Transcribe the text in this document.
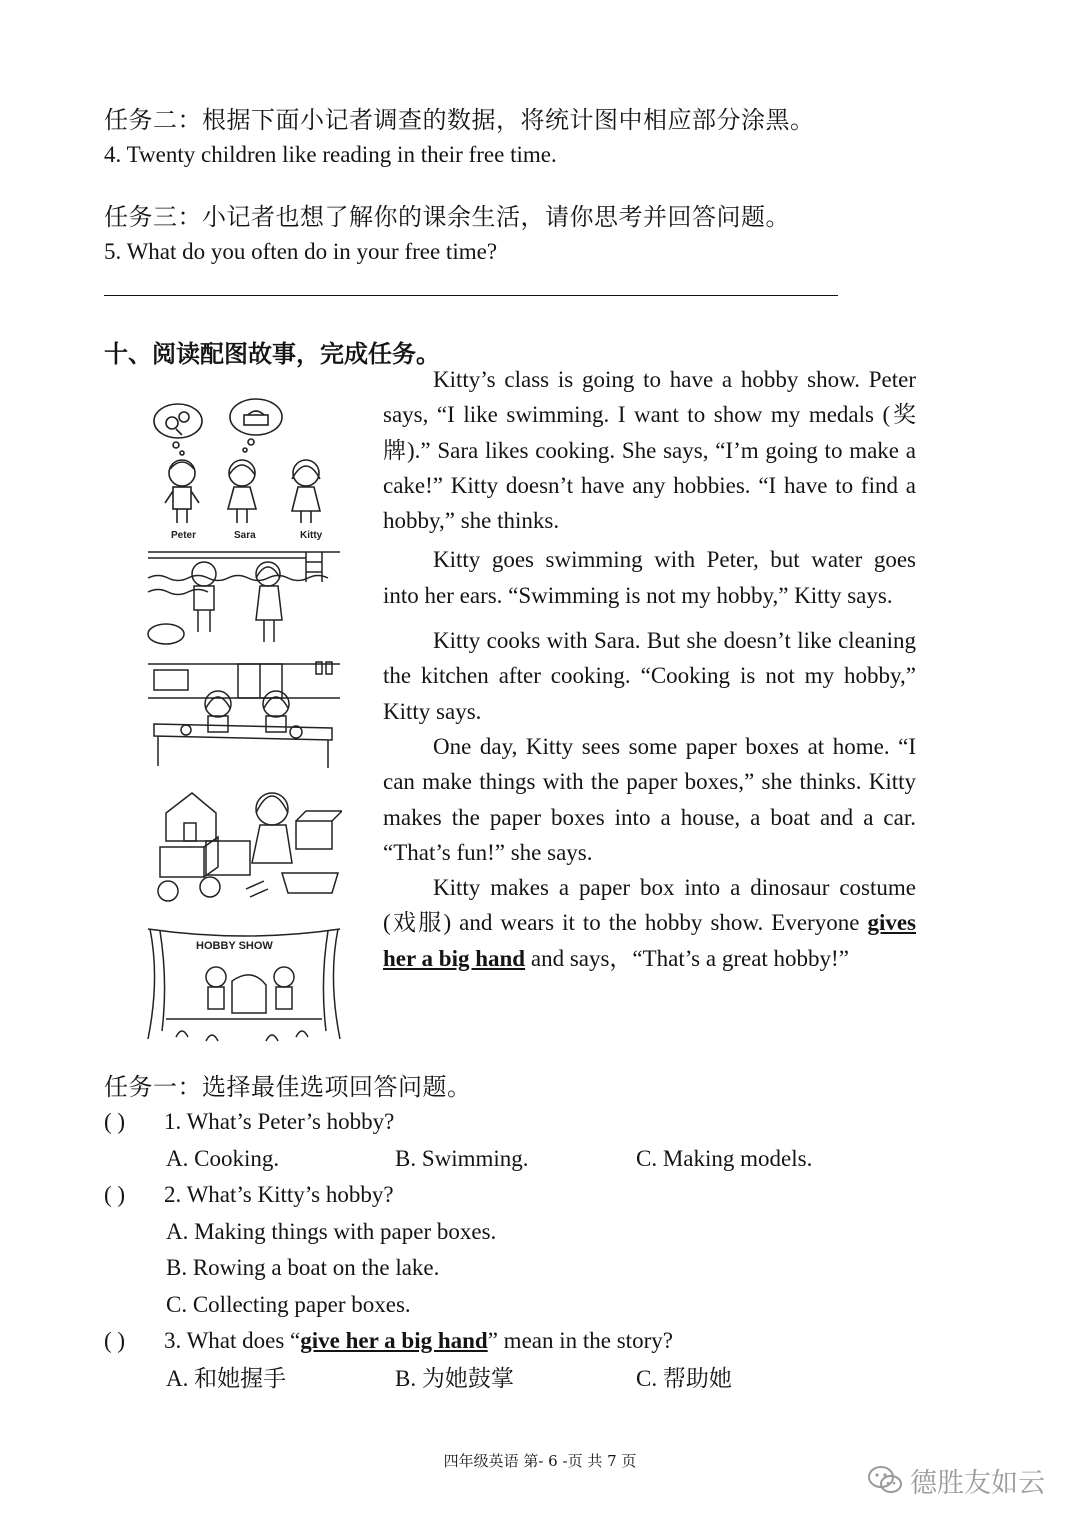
任务二：根据下面小记者调查的数据，将统计图中相应部分涂黑。
4. Twenty children like reading in their free time.
任务三：小记者也想了解你的课余生活，请你思考并回答问题。
5. What do you often do in your free time?
十、阅读配图故事，完成任务。
Peter	Sara	Kitty
HOBBY SHOW

Kitty’s class is going to have a hobby show. Peter says, “I like swimming. I want to show my medals (奖牌).” Sara likes cooking. She says, “I’m going to make a cake!” Kitty doesn’t have any hobbies. “I have to find a hobby,” she thinks.

Kitty goes swimming with Peter, but water goes into her ears. “Swimming is not my hobby,” Kitty says.

Kitty cooks with Sara. But she doesn’t like cleaning the kitchen after cooking. “Cooking is not my hobby,” Kitty says.

One day, Kitty sees some paper boxes at home. “I can make things with the paper boxes,” she thinks. Kitty makes the paper boxes into a house, a boat and a car. “That’s fun!” she says.

Kitty makes a paper box into a dinosaur costume (戏服) and wears it to the hobby show. Everyone gives her a big hand and says，“That’s a great hobby!”

任务一：选择最佳选项回答问题。
( ) 1. What’s Peter’s hobby?
A. Cooking.	B. Swimming.	C. Making models.
( ) 2. What’s Kitty’s hobby?
A. Making things with paper boxes.
B. Rowing a boat on the lake.
C. Collecting paper boxes.
( ) 3. What does “give her a big hand” mean in the story?
A. 和她握手	B. 为她鼓掌	C. 帮助她
四年级英语 第- 6 -页 共 7 页
德胜友如云
